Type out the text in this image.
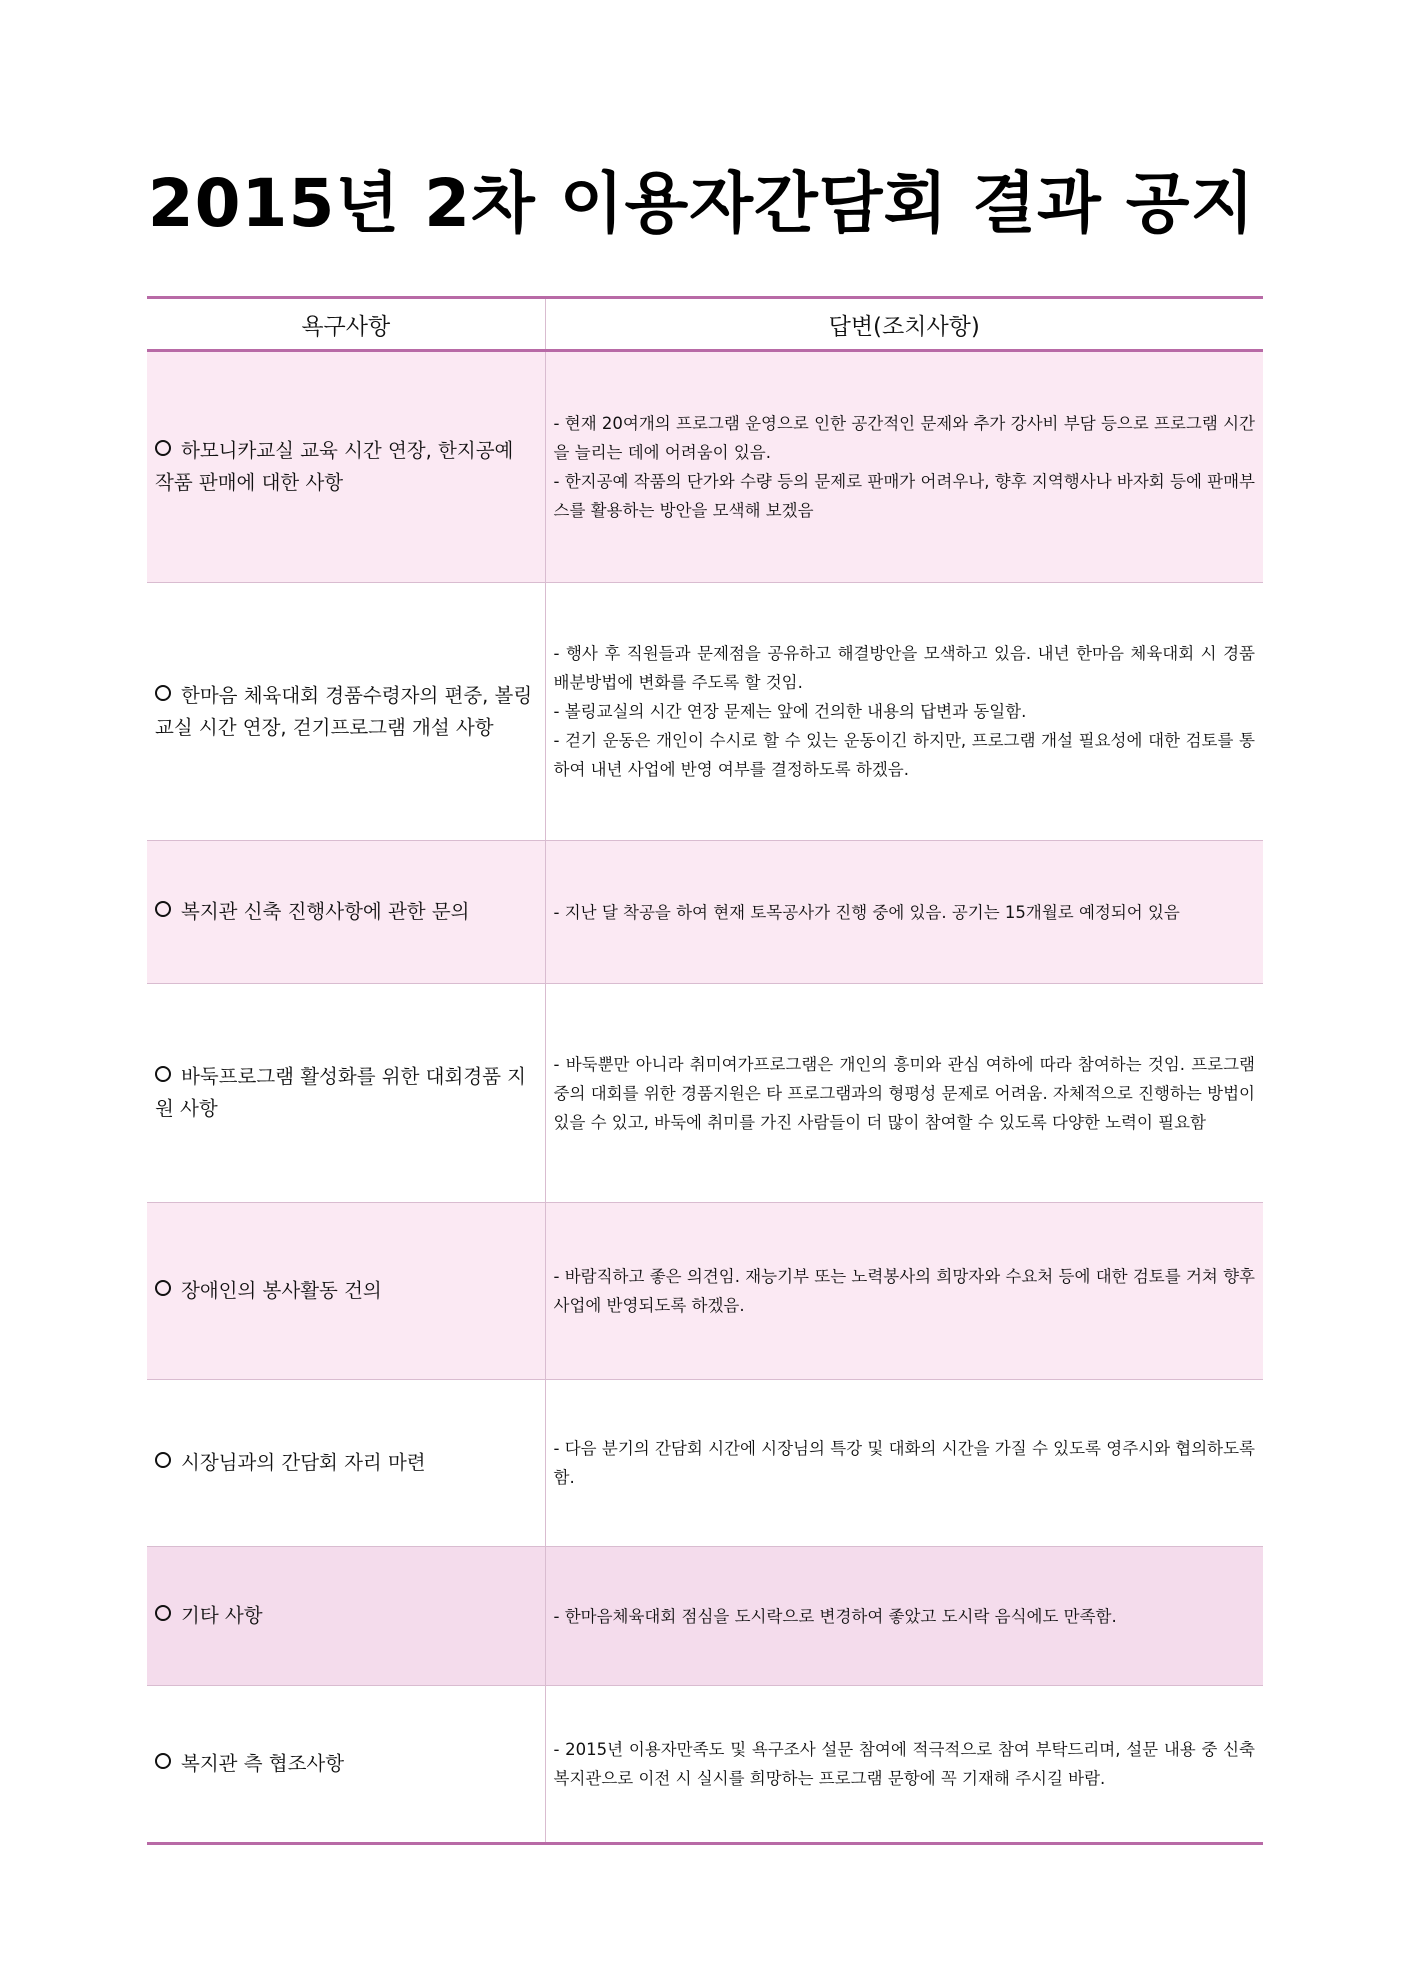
2015년 2차 이용자간담회 결과 공지
욕구사항	답변(조치사항)
하모니카교실 교육 시간 연장, 한지공예 작품 판매에 대한 사항	- 현재 20여개의 프로그램 운영으로 인한 공간적인 문제와 추가 강사비 부담 등으로 프로그램 시간을 늘리는 데에 어려움이 있음.
- 한지공예 작품의 단가와 수량 등의 문제로 판매가 어려우나, 향후 지역행사나 바자회 등에 판매부스를 활용하는 방안을 모색해 보겠음

한마음 체육대회 경품수령자의 편중, 볼링교실 시간 연장, 걷기프로그램 개설 사항	- 행사 후 직원들과 문제점을 공유하고 해결방안을 모색하고 있음. 내년 한마음 체육대회 시 경품 배분방법에 변화를 주도록 할 것임.
- 볼링교실의 시간 연장 문제는 앞에 건의한 내용의 답변과 동일함.
- 걷기 운동은 개인이 수시로 할 수 있는 운동이긴 하지만, 프로그램 개설 필요성에 대한 검토를 통하여 내년 사업에 반영 여부를 결정하도록 하겠음.

복지관 신축 진행사항에 관한 문의	- 지난 달 착공을 하여 현재 토목공사가 진행 중에 있음. 공기는 15개월로 예정되어 있음

바둑프로그램 활성화를 위한 대회경품 지원 사항	- 바둑뿐만 아니라 취미여가프로그램은 개인의 흥미와 관심 여하에 따라 참여하는 것임. 프로그램 중의 대회를 위한 경품지원은 타 프로그램과의 형평성 문제로 어려움. 자체적으로 진행하는 방법이 있을 수 있고, 바둑에 취미를 가진 사람들이 더 많이 참여할 수 있도록 다양한 노력이 필요함

장애인의 봉사활동 건의	- 바람직하고 좋은 의견임. 재능기부 또는 노력봉사의 희망자와 수요처 등에 대한 검토를 거쳐 향후 사업에 반영되도록 하겠음.

시장님과의 간담회 자리 마련	- 다음 분기의 간담회 시간에 시장님의 특강 및 대화의 시간을 가질 수 있도록 영주시와 협의하도록 함.

기타 사항	- 한마음체육대회 점심을 도시락으로 변경하여 좋았고 도시락 음식에도 만족함.

복지관 측 협조사항	- 2015년 이용자만족도 및 욕구조사 설문 참여에 적극적으로 참여 부탁드리며, 설문 내용 중 신축복지관으로 이전 시 실시를 희망하는 프로그램 문항에 꼭 기재해 주시길 바람.
